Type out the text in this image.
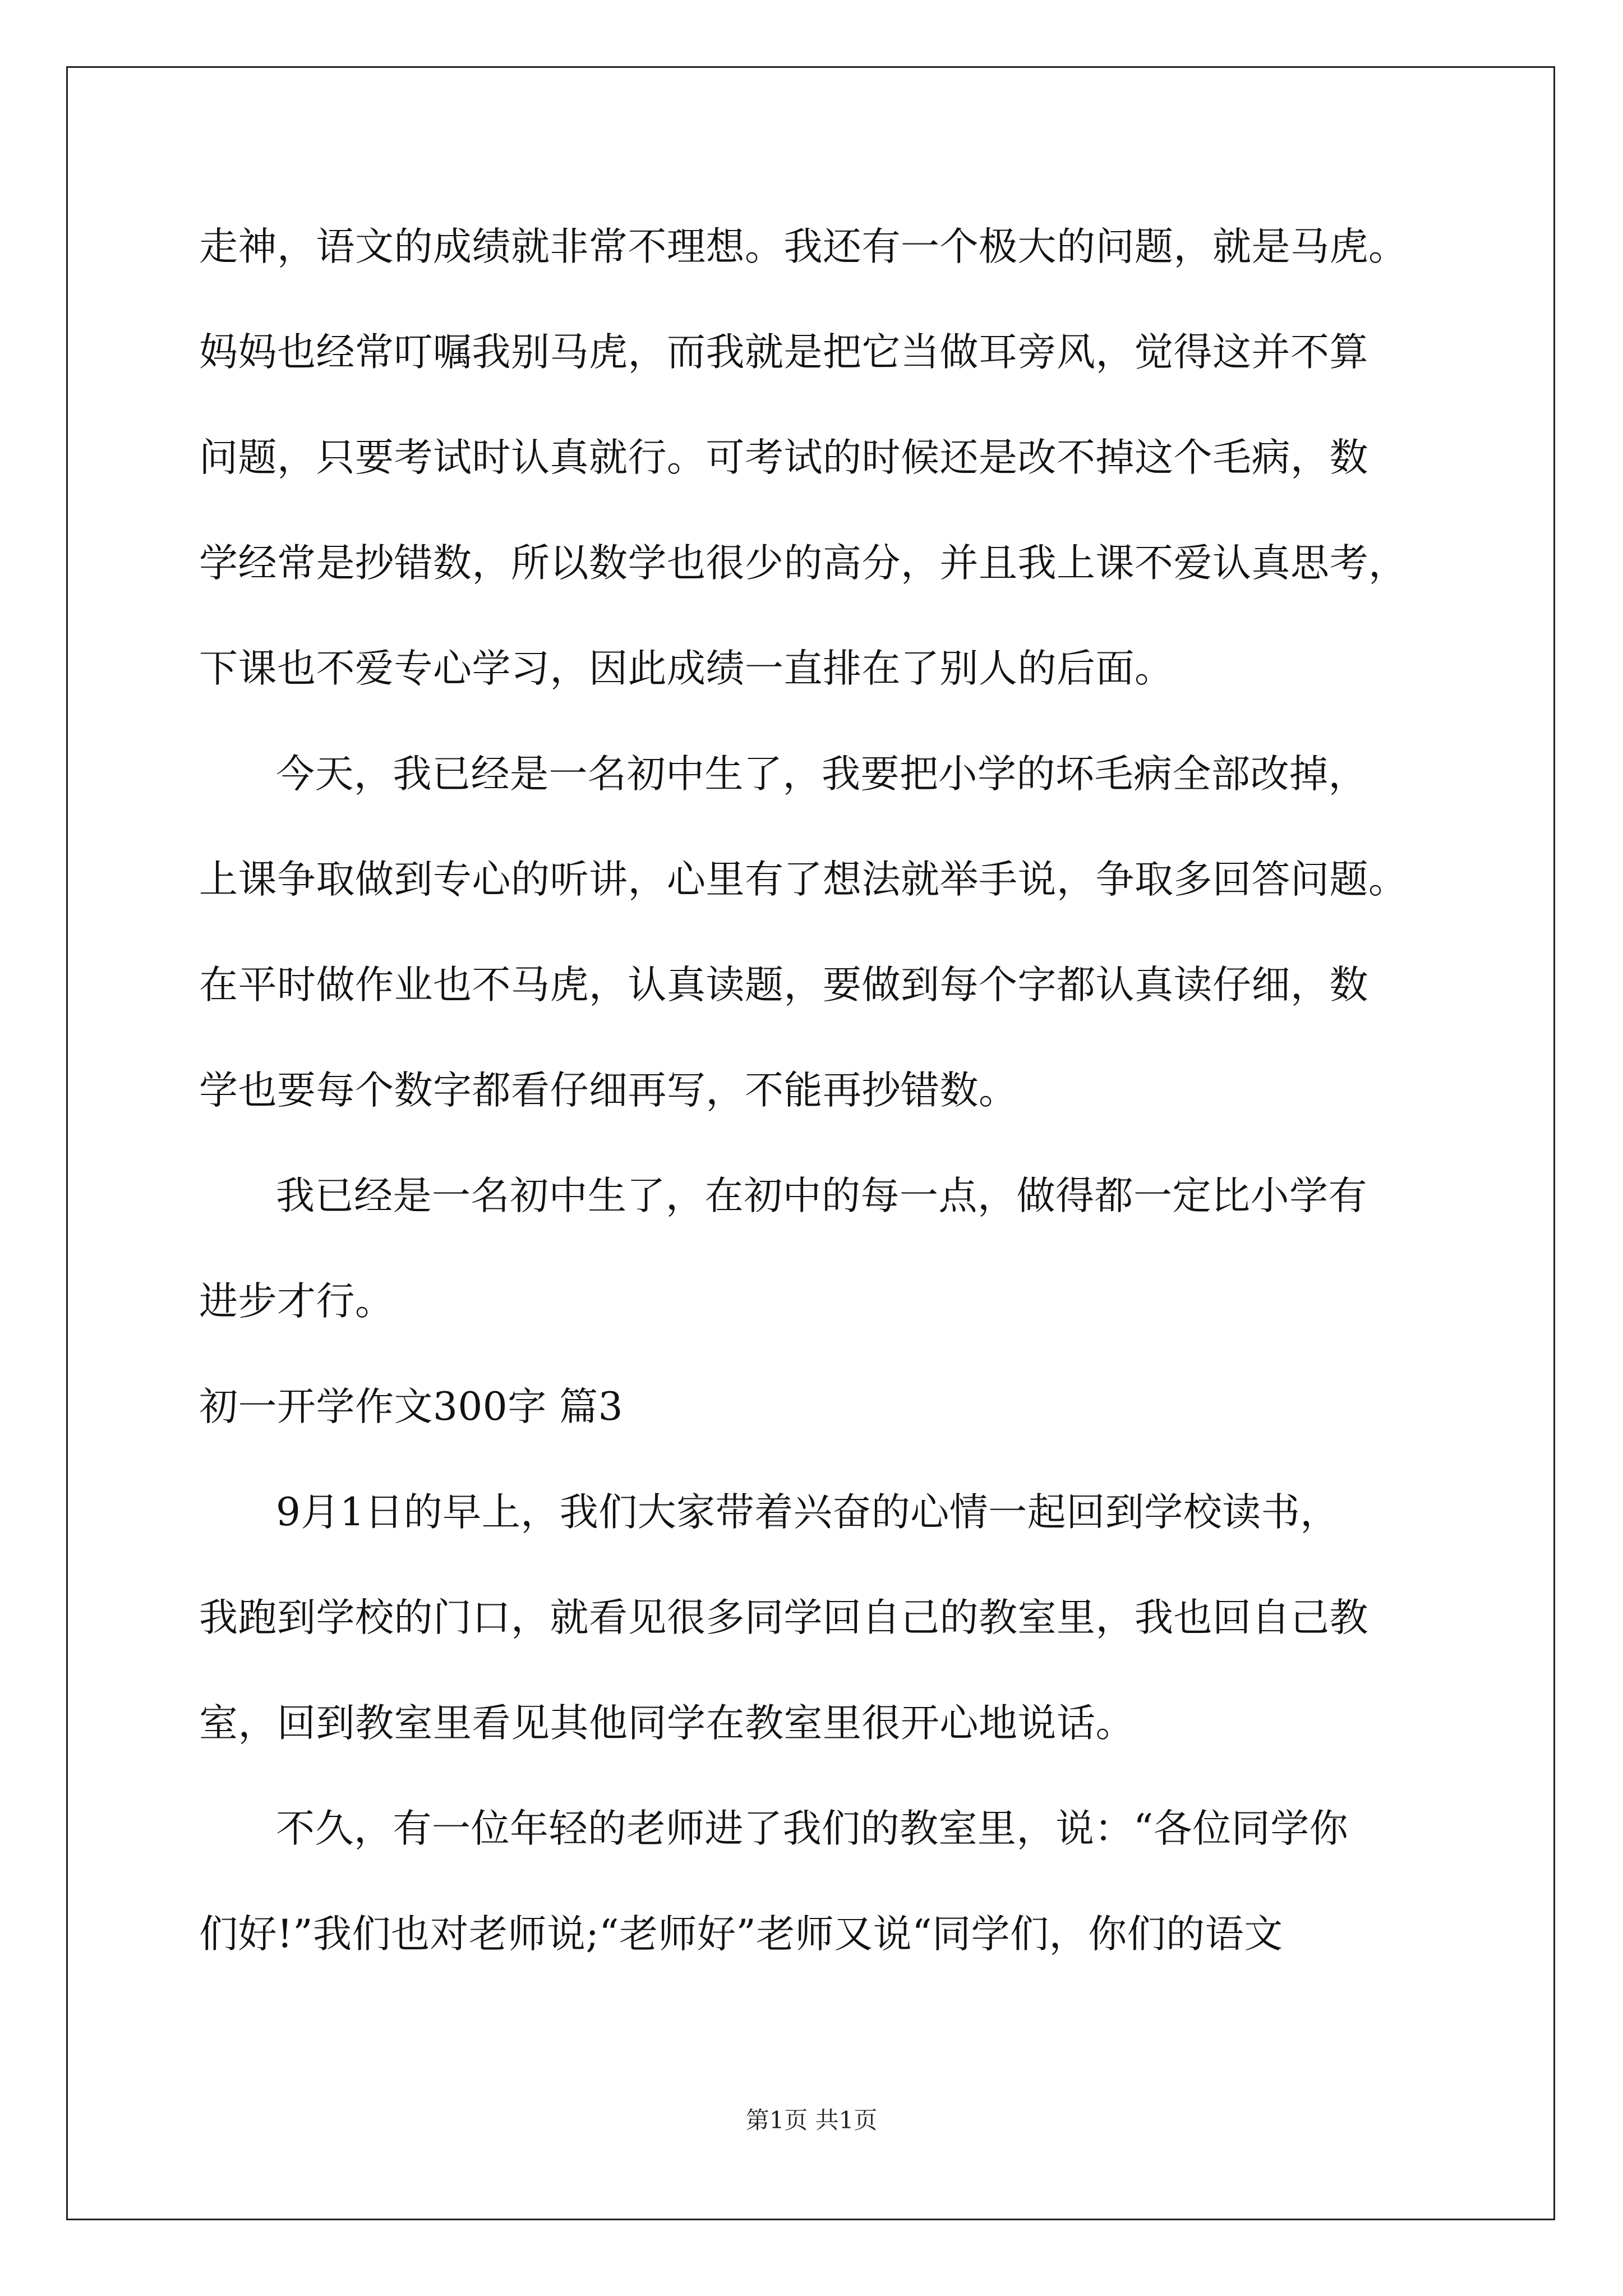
走神，语文的成绩就非常不理想。我还有一个极大的问题，就是马虎。
妈妈也经常叮嘱我别马虎，而我就是把它当做耳旁风，觉得这并不算
问题，只要考试时认真就行。可考试的时候还是改不掉这个毛病，数
学经常是抄错数，所以数学也很少的高分，并且我上课不爱认真思考，
下课也不爱专心学习，因此成绩一直排在了别人的后面。
今天，我已经是一名初中生了，我要把小学的坏毛病全部改掉，
上课争取做到专心的听讲，心里有了想法就举手说，争取多回答问题。
在平时做作业也不马虎，认真读题，要做到每个字都认真读仔细，数
学也要每个数字都看仔细再写，不能再抄错数。
我已经是一名初中生了，在初中的每一点，做得都一定比小学有
进步才行。
初一开学作文300字 篇3
9月1日的早上，我们大家带着兴奋的心情一起回到学校读书，
我跑到学校的门口，就看见很多同学回自己的教室里，我也回自己教
室，回到教室里看见其他同学在教室里很开心地说话。
不久，有一位年轻的老师进了我们的教室里，说：“各位同学你
们好!”我们也对老师说;“老师好”老师又说“同学们，你们的语文
第1页 共1页
